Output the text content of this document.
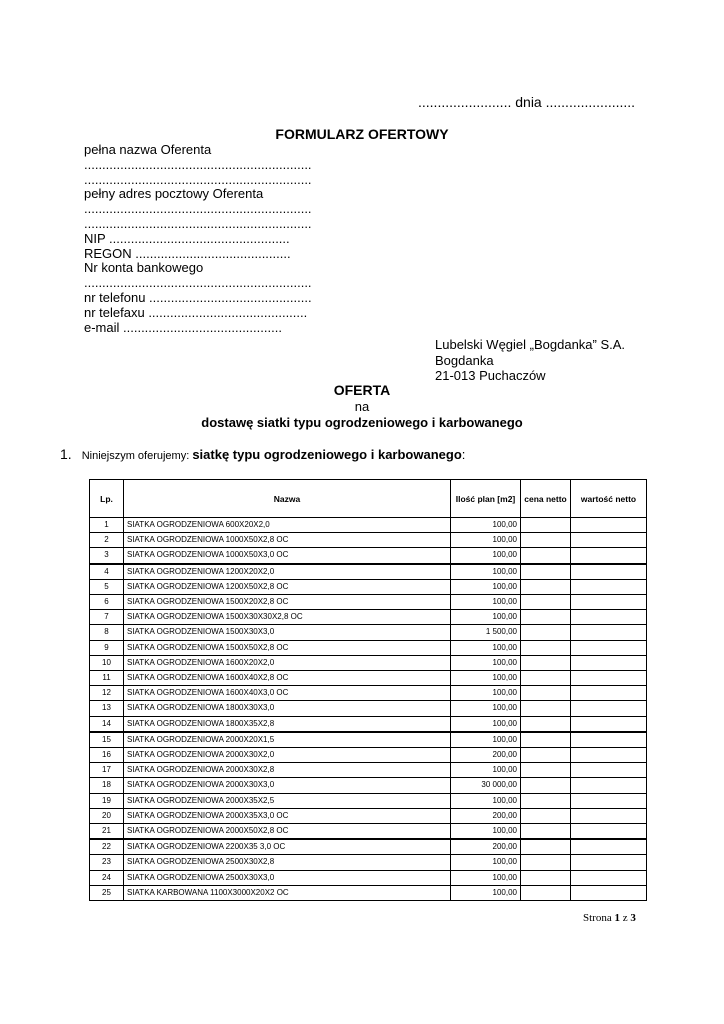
........................ dnia .......................
FORMULARZ OFERTOWY
pełna nazwa Oferenta
...............................................................
...............................................................
pełny adres pocztowy Oferenta
...............................................................
...............................................................
NIP ..................................................
REGON ...........................................
Nr konta bankowego
...............................................................
nr telefonu .............................................
nr telefaxu ............................................
e-mail ............................................
Lubelski Węgiel „Bogdanka” S.A.
Bogdanka
21-013 Puchaczów
OFERTA
na
dostawę siatki typu ogrodzeniowego i karbowanego
1. Niniejszym oferujemy: siatkę typu ogrodzeniowego i karbowanego:
Lp.	Nazwa	Ilość plan [m2]	cena netto	wartość netto
1	SIATKA OGRODZENIOWA 600X20X2,0	100,00		
2	SIATKA OGRODZENIOWA 1000X50X2,8 OC	100,00		
3	SIATKA OGRODZENIOWA 1000X50X3,0 OC	100,00		
4	SIATKA OGRODZENIOWA 1200X20X2,0	100,00		
5	SIATKA OGRODZENIOWA 1200X50X2,8 OC	100,00		
6	SIATKA OGRODZENIOWA 1500X20X2,8 OC	100,00		
7	SIATKA OGRODZENIOWA 1500X30X30X2,8 OC	100,00		
8	SIATKA OGRODZENIOWA 1500X30X3,0	1 500,00		
9	SIATKA OGRODZENIOWA 1500X50X2,8 OC	100,00		
10	SIATKA OGRODZENIOWA 1600X20X2,0	100,00		
11	SIATKA OGRODZENIOWA 1600X40X2,8 OC	100,00		
12	SIATKA OGRODZENIOWA 1600X40X3,0 OC	100,00		
13	SIATKA OGRODZENIOWA 1800X30X3,0	100,00		
14	SIATKA OGRODZENIOWA 1800X35X2,8	100,00		
15	SIATKA OGRODZENIOWA 2000X20X1,5	100,00		
16	SIATKA OGRODZENIOWA 2000X30X2,0	200,00		
17	SIATKA OGRODZENIOWA 2000X30X2,8	100,00		
18	SIATKA OGRODZENIOWA 2000X30X3,0	30 000,00		
19	SIATKA OGRODZENIOWA 2000X35X2,5	100,00		
20	SIATKA OGRODZENIOWA 2000X35X3,0 OC	200,00		
21	SIATKA OGRODZENIOWA 2000X50X2,8 OC	100,00		
22	SIATKA OGRODZENIOWA 2200X35 3,0 OC	200,00		
23	SIATKA OGRODZENIOWA 2500X30X2,8	100,00		
24	SIATKA OGRODZENIOWA 2500X30X3,0	100,00		
25	SIATKA KARBOWANA 1100X3000X20X2 OC	100,00		
Strona 1 z 3
